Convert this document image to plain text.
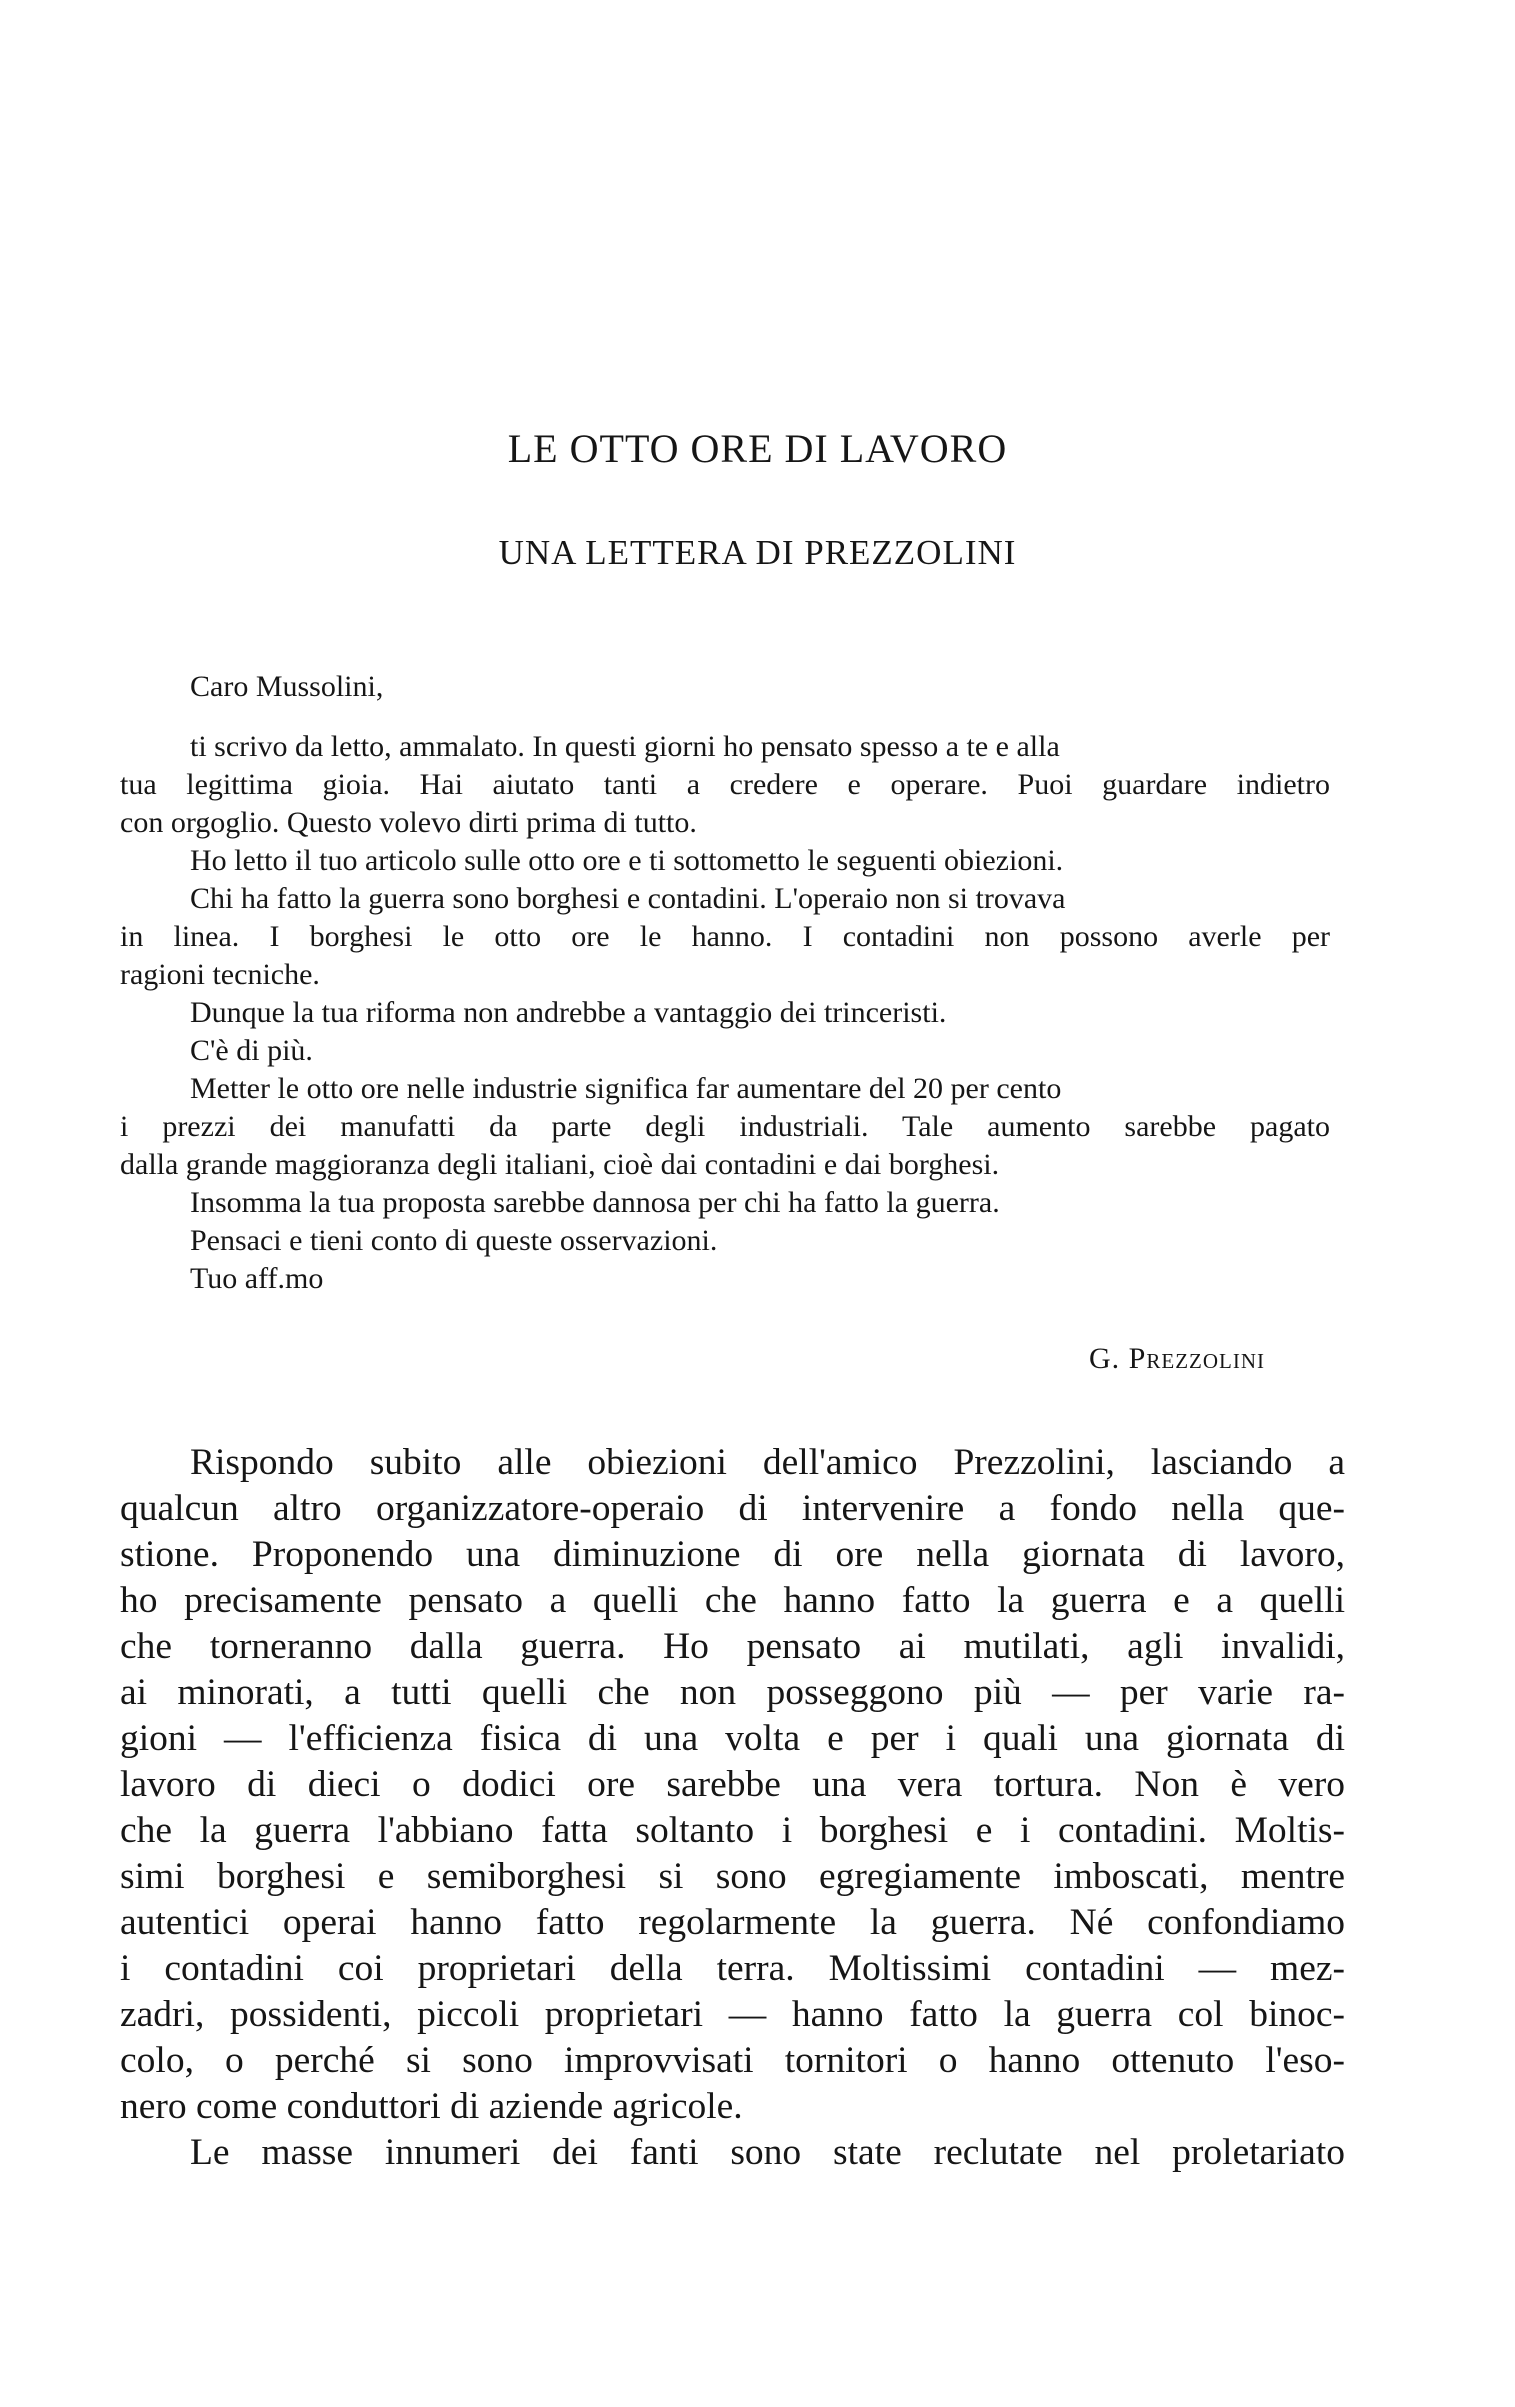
LE OTTO ORE DI LAVORO
UNA LETTERA DI PREZZOLINI
Caro Mussolini,
ti scrivo da letto, ammalato. In questi giorni ho pensato spesso a te e alla
tua legittima gioia. Hai aiutato tanti a credere e operare. Puoi guardare indietro
con orgoglio. Questo volevo dirti prima di tutto.
Ho letto il tuo articolo sulle otto ore e ti sottometto le seguenti obiezioni.
Chi ha fatto la guerra sono borghesi e contadini. L'operaio non si trovava
in linea. I borghesi le otto ore le hanno. I contadini non possono averle per
ragioni tecniche.
Dunque la tua riforma non andrebbe a vantaggio dei trinceristi.
C'è di più.
Metter le otto ore nelle industrie significa far aumentare del 20 per cento
i prezzi dei manufatti da parte degli industriali. Tale aumento sarebbe pagato
dalla grande maggioranza degli italiani, cioè dai contadini e dai borghesi.
Insomma la tua proposta sarebbe dannosa per chi ha fatto la guerra.
Pensaci e tieni conto di queste osservazioni.
Tuo aff.mo
G. Prezzolini
Rispondo subito alle obiezioni dell'amico Prezzolini, lasciando a
qualcun altro organizzatore-operaio di intervenire a fondo nella que-
stione. Proponendo una diminuzione di ore nella giornata di lavoro,
ho precisamente pensato a quelli che hanno fatto la guerra e a quelli
che torneranno dalla guerra. Ho pensato ai mutilati, agli invalidi,
ai minorati, a tutti quelli che non posseggono più — per varie ra-
gioni — l'efficienza fisica di una volta e per i quali una giornata di
lavoro di dieci o dodici ore sarebbe una vera tortura. Non è vero
che la guerra l'abbiano fatta soltanto i borghesi e i contadini. Moltis-
simi borghesi e semiborghesi si sono egregiamente imboscati, mentre
autentici operai hanno fatto regolarmente la guerra. Né confondiamo
i contadini coi proprietari della terra. Moltissimi contadini — mez-
zadri, possidenti, piccoli proprietari — hanno fatto la guerra col binoc-
colo, o perché si sono improvvisati tornitori o hanno ottenuto l'eso-
nero come conduttori di aziende agricole.
Le masse innumeri dei fanti sono state reclutate nel proletariato
